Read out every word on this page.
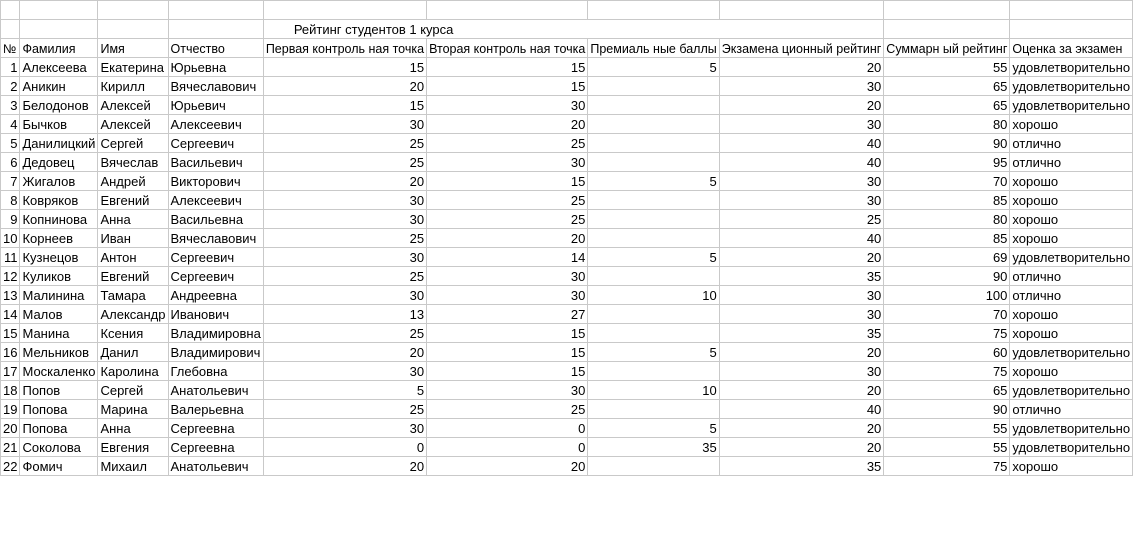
				Рейтинг студентов 1 курса					
№	Фамилия	Имя	Отчество	Первая контроль ная точка	Вторая контроль ная точка	Премиаль ные баллы	Экзамена ционный рейтинг	Суммарн ый рейтинг	Оценка за экзамен
1	Алексеева	Екатерина	Юрьевна	15	15	5	20	55	удовлетворительно
2	Аникин	Кирилл	Вячеславович	20	15		30	65	удовлетворительно
3	Белодонов	Алексей	Юрьевич	15	30		20	65	удовлетворительно
4	Бычков	Алексей	Алексеевич	30	20		30	80	хорошо
5	Данилицкий	Сергей	Сергеевич	25	25		40	90	отлично
6	Дедовец	Вячеслав	Васильевич	25	30		40	95	отлично
7	Жигалов	Андрей	Викторович	20	15	5	30	70	хорошо
8	Ковряков	Евгений	Алексеевич	30	25		30	85	хорошо
9	Копнинова	Анна	Васильевна	30	25		25	80	хорошо
10	Корнеев	Иван	Вячеславович	25	20		40	85	хорошо
11	Кузнецов	Антон	Сергеевич	30	14	5	20	69	удовлетворительно
12	Куликов	Евгений	Сергеевич	25	30		35	90	отлично
13	Малинина	Тамара	Андреевна	30	30	10	30	100	отлично
14	Малов	Александр	Иванович	13	27		30	70	хорошо
15	Манина	Ксения	Владимировна	25	15		35	75	хорошо
16	Мельников	Данил	Владимирович	20	15	5	20	60	удовлетворительно
17	Москаленко	Каролина	Глебовна	30	15		30	75	хорошо
18	Попов	Сергей	Анатольевич	5	30	10	20	65	удовлетворительно
19	Попова	Марина	Валерьевна	25	25		40	90	отлично
20	Попова	Анна	Сергеевна	30	0	5	20	55	удовлетворительно
21	Соколова	Евгения	Сергеевна	0	0	35	20	55	удовлетворительно
22	Фомич	Михаил	Анатольевич	20	20		35	75	хорошо
